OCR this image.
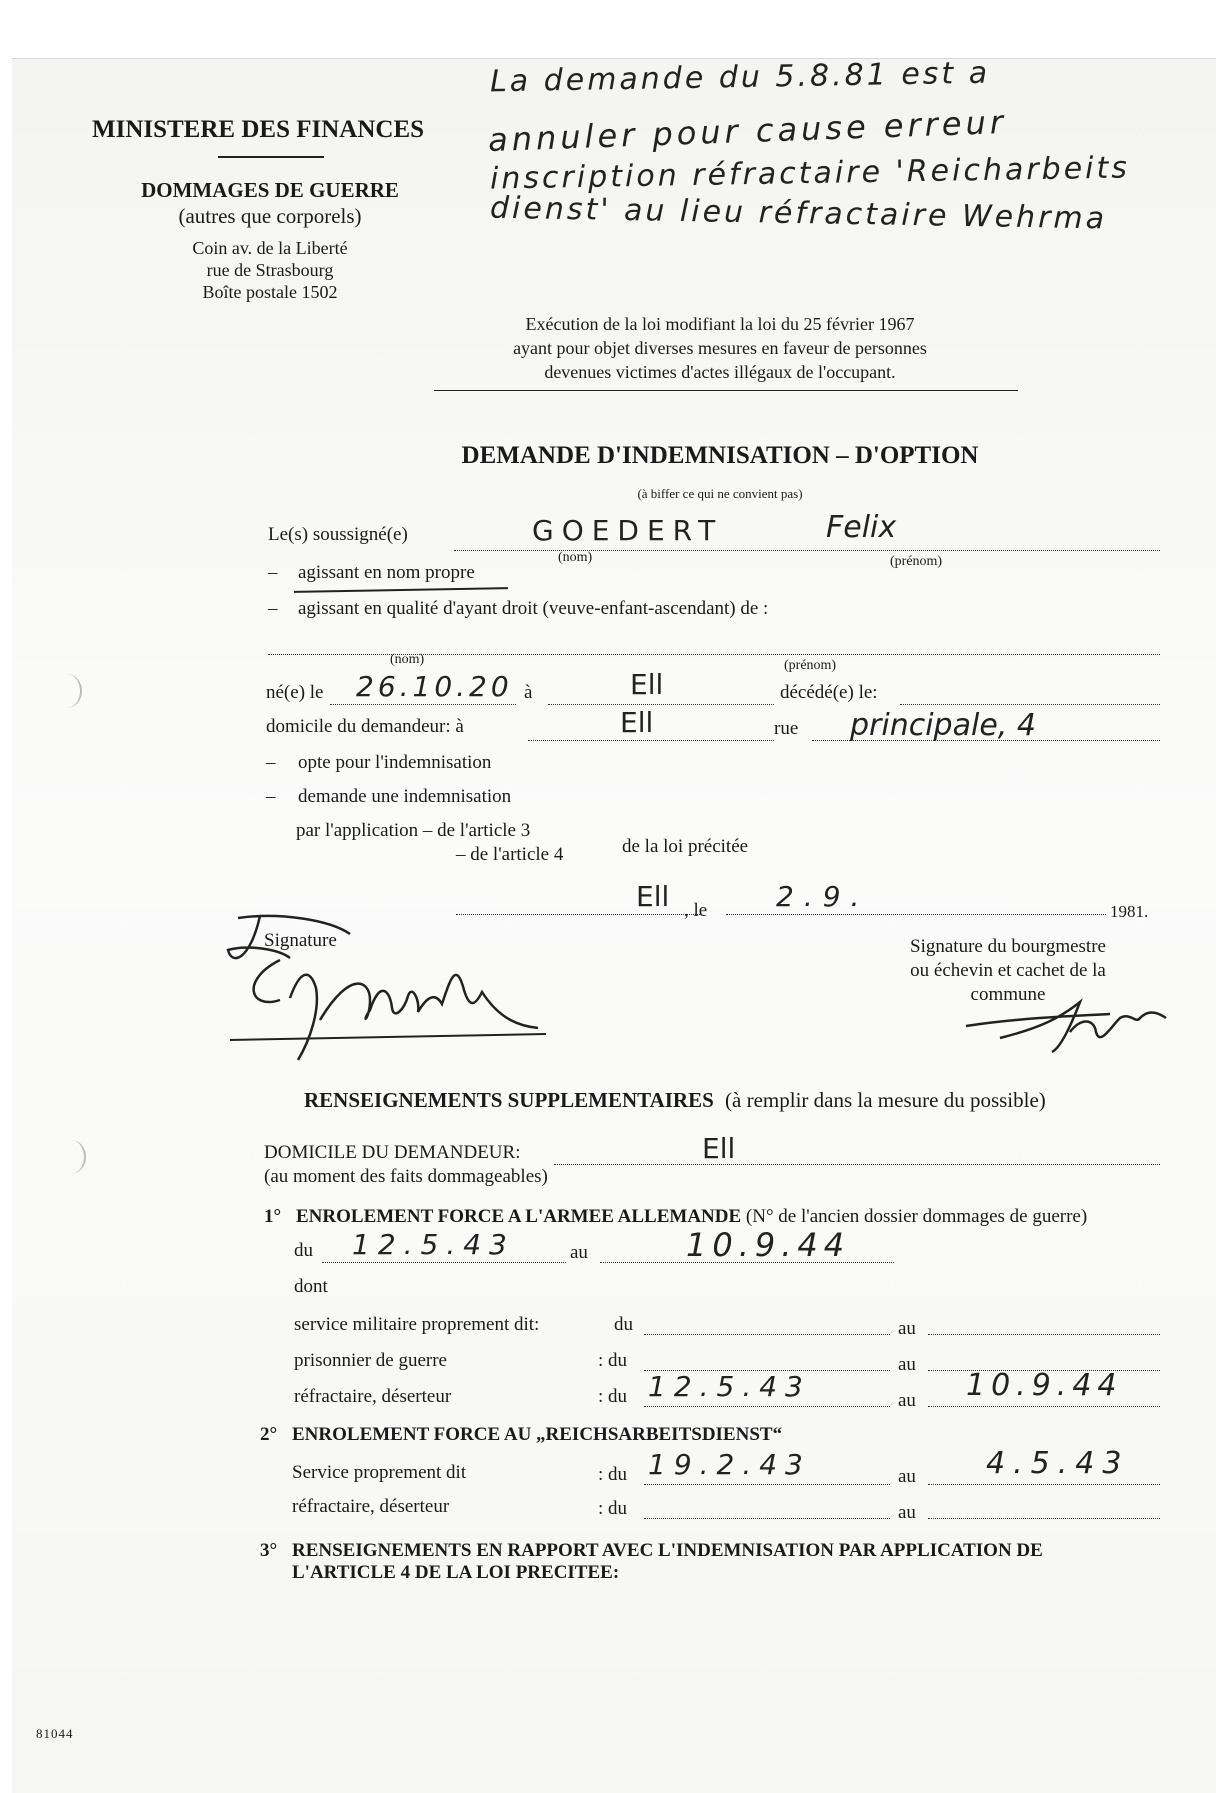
La demande du 5.8.81 est a
annuler pour cause erreur
inscription réfractaire 'Reicharbeits
dienst' au lieu réfractaire Wehrma
MINISTERE DES FINANCES
DOMMAGES DE GUERRE
(autres que corporels)
Coin av. de la Liberté
rue de Strasbourg
Boîte postale 1502
Exécution de la loi modifiant la loi du 25 février 1967
ayant pour objet diverses mesures en faveur de personnes
devenues victimes d'actes illégaux de l'occupant.
DEMANDE D'INDEMNISATION – D'OPTION
(à biffer ce qui ne convient pas)
Le(s) soussigné(e)	GOEDERT	Felix
(nom)	(prénom)
– agissant en nom propre
– agissant en qualité d'ayant droit (veuve-enfant-ascendant) de :
(nom)	(prénom)
né(e) le 26.10.20 à	Ell	décédé(e) le:
domicile du demandeur: à	Ell	rue principale, 4
– opte pour l'indemnisation
– demande une indemnisation
par l'application – de l'article 3
– de l'article 4	de la loi précitée
Ell , le 2.9.	1981.
Signature	Signature du bourgmestre
ou échevin et cachet de la
commune
RENSEIGNEMENTS SUPPLEMENTAIRES (à remplir dans la mesure du possible)
DOMICILE DU DEMANDEUR:	Ell
(au moment des faits dommageables)
1° ENROLEMENT FORCE A L'ARMEE ALLEMANDE (N° de l'ancien dossier dommages de guerre)
du 12.5.43	au	10.9.44
dont
service militaire proprement dit:	du	au
prisonnier de guerre	: du	au
réfractaire, déserteur	: du 12.5.43	au 10.9.44
2° ENROLEMENT FORCE AU „REICHSARBEITSDIENST“
Service proprement dit	: du 19.2.43	au 4.5.43
réfractaire, déserteur	: du	au
3° RENSEIGNEMENTS EN RAPPORT AVEC L'INDEMNISATION PAR APPLICATION DE
L'ARTICLE 4 DE LA LOI PRECITEE:
81044
